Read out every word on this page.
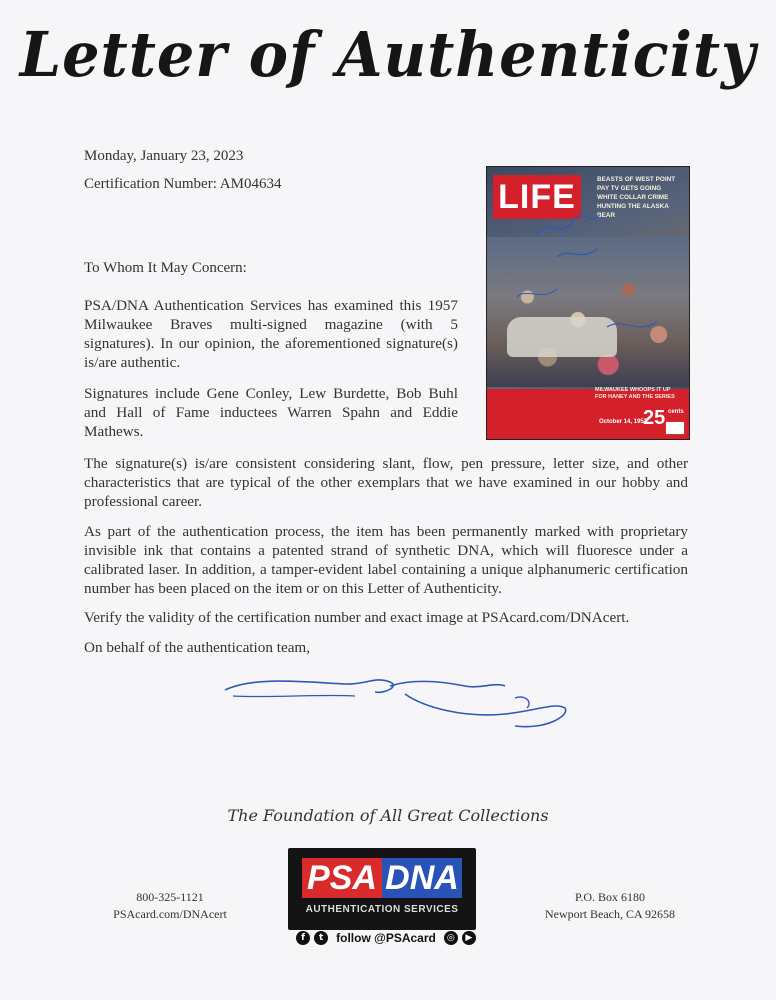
Letter of Authenticity
Monday, January 23, 2023
Certification Number: AM04634
To Whom It May Concern:
PSA/DNA Authentication Services has examined this 1957 Milwaukee Braves multi-signed magazine (with 5 signatures). In our opinion, the aforementioned signature(s) is/are authentic.
Signatures include Gene Conley, Lew Burdette, Bob Buhl and Hall of Fame inductees Warren Spahn and Eddie Mathews.
The signature(s) is/are consistent considering slant, flow, pen pressure, letter size, and other characteristics that are typical of the other exemplars that we have examined in our hobby and professional career.
As part of the authentication process, the item has been permanently marked with proprietary invisible ink that contains a patented strand of synthetic DNA, which will fluoresce under a calibrated laser. In addition, a tamper-evident label containing a unique alphanumeric certification number has been placed on the item or on this Letter of Authenticity.
Verify the validity of the certification number and exact image at PSAcard.com/DNAcert.
On behalf of the authentication team,
LIFE	BEASTS OF WEST POINT
PAY TV GETS GOING
WHITE COLLAR CRIME
HUNTING THE ALASKA BEAR
MILWAUKEE WHOOPS IT UP FOR HANEY AND THE SERIES
October 14, 1957
25 cents
The Foundation of All Great Collections
800-325-1121
PSAcard.com/DNAcert
PSA DNA
AUTHENTICATION SERVICES
f	t	follow @PSAcard	◎	▶
P.O. Box 6180
Newport Beach, CA 92658
